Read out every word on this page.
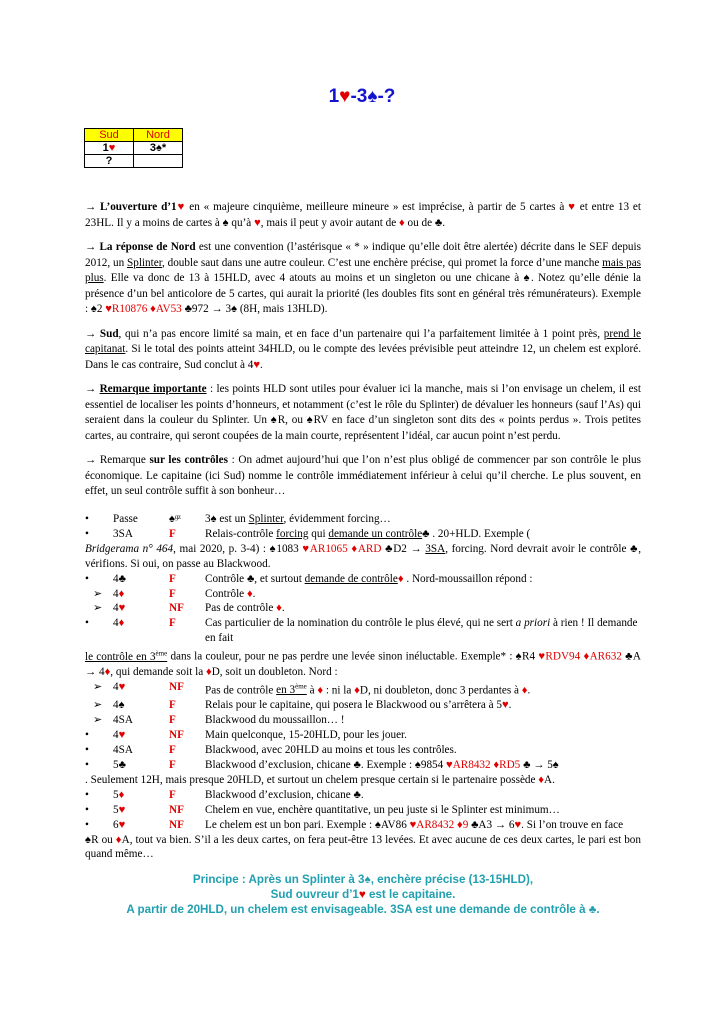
1♥-3♠-?
Sud	Nord
1♥	3♠*
?	

→ L’ouverture d’1♥ en « majeure cinquième, meilleure mineure » est imprécise, à partir de 5 cartes à ♥ et entre 13 et 23HL. Il y a moins de cartes à ♠ qu’à ♥, mais il peut y avoir autant de ♦ ou de ♣.

→ La réponse de Nord est une convention (l’astérisque « * » indique qu’elle doit être alertée) décrite dans le SEF depuis 2012, un Splinter, double saut dans une autre couleur. C’est une enchère précise, qui promet la force d’une manche mais pas plus. Elle va donc de 13 à 15HLD, avec 4 atouts au moins et un singleton ou une chicane à ♠. Notez qu’elle dénie la présence d’un bel anticolore de 5 cartes, qui aurait la priorité (les doubles fits sont en général très rémunérateurs). Exemple : ♠2 ♥R10876 ♦AV53 ♣972 → 3♠ (8H, mais 13HLD).

→ Sud, qui n’a pas encore limité sa main, et en face d’un partenaire qui l’a parfaitement limitée à 1 point près, prend le capitanat. Si le total des points atteint 34HLD, ou le compte des levées prévisible peut atteindre 12, un chelem est exploré. Dans le cas contraire, Sud conclut à 4♥.

→ Remarque importante : les points HLD sont utiles pour évaluer ici la manche, mais si l’on envisage un chelem, il est essentiel de localiser les points d’honneurs, et notamment (c’est le rôle du Splinter) de dévaluer les honneurs (sauf l’As) qui seraient dans la couleur du Splinter. Un ♠R, ou ♠RV en face d’un singleton sont dits des « points perdus ». Trois petites cartes, au contraire, qui seront coupées de la main courte, représentent l’idéal, car aucun point n’est perdu.

→ Remarque sur les contrôles : On admet aujourd’hui que l’on n’est plus obligé de commencer par son contrôle le plus économique. Le capitaine (ici Sud) nomme le contrôle immédiatement inférieur à celui qu’il cherche. Le plus souvent, en effet, un seul contrôle suffit à son bonheur…

•	Passe	♠ᶢᶻ	3♠ est un Splinter, évidemment forcing…
•	3SA	F	Relais-contrôle forcing qui demande un contrôle♣ . 20+HLD. Exemple (
Bridgerama n° 464, mai 2020, p. 3-4) : ♠1083 ♥AR1065 ♦ARD ♣D2 → 3SA, forcing. Nord devrait avoir le contrôle ♣, vérifions. Si oui, on passe au Blackwood.
•	4♣	F	Contrôle ♣, et surtout demande de contrôle♦ . Nord-moussaillon répond :
➢ 4♦	F	Contrôle ♦.
➢ 4♥	NF	Pas de contrôle ♦.
•	4♦	F	Cas particulier de la nomination du contrôle le plus élevé, qui ne sert a priori à rien ! Il demande en fait
le contrôle en 3ème dans la couleur, pour ne pas perdre une levée sinon inéluctable. Exemple* : ♠R4 ♥RDV94 ♦AR632 ♣A → 4♦, qui demande soit la ♦D, soit un doubleton. Nord :
➢ 4♥	NF	Pas de contrôle en 3ème à ♦ : ni la ♦D, ni doubleton, donc 3 perdantes à ♦.
➢ 4♠	F	Relais pour le capitaine, qui posera le Blackwood ou s’arrêtera à 5♥.
➢ 4SA	F	Blackwood du moussaillon… !
•	4♥	NF	Main quelconque, 15-20HLD, pour les jouer.
•	4SA	F	Blackwood, avec 20HLD au moins et tous les contrôles.
•	5♣	F	Blackwood d’exclusion, chicane ♣. Exemple : ♠9854 ♥AR8432 ♦RD5 ♣ → 5♠
. Seulement 12H, mais presque 20HLD, et surtout un chelem presque certain si le partenaire possède ♦A.
•	5♦	F	Blackwood d’exclusion, chicane ♣.
•	5♥	NF	Chelem en vue, enchère quantitative, un peu juste si le Splinter est minimum…
•	6♥	NF	Le chelem est un bon pari. Exemple : ♠AV86 ♥AR8432 ♦9 ♣A3 → 6♥. Si l’on trouve en face
♠R ou ♦A, tout va bien. S’il a les deux cartes, on fera peut-être 13 levées. Et avec aucune de ces deux cartes, le pari est bon quand même…
Principe : Après un Splinter à 3♠, enchère précise (13-15HLD),
Sud ouvreur d’1♥ est le capitaine.
A partir de 20HLD, un chelem est envisageable. 3SA est une demande de contrôle à ♣.
